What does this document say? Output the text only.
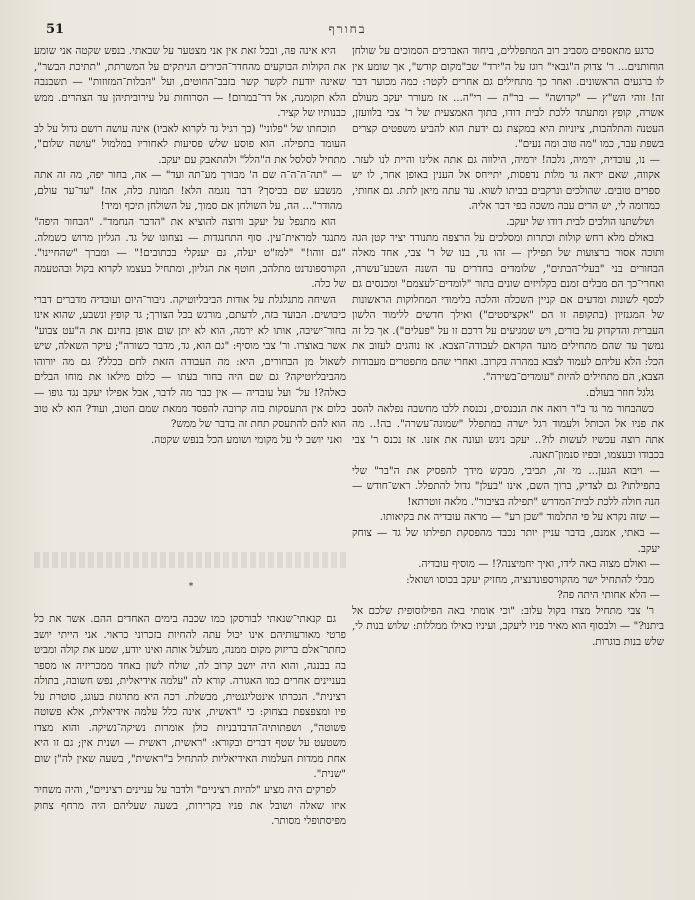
51	בחורף

כרגע מתאספים מסביב רוב המתפללים, ביחוד האברכים הסמוכים על שולחן הוחותנים... ר' צדוק ה"גבאי" רוגז על ה"ירד" שב"מקום קודש", אך שומע אין לו ברגעים הראשונים. ואחר כך מתחילים גם אחרים לקטר: כמה מכוער דבר זה! זוהי הש"ץ — "קדושה" — בר"ה — רי"ה... אז מעורר יעקב מעולם אשרה, קופץ ומתעתד ללכת לבית דודו, בתוך האמצעית של ר' צבי בלוועזן, העטנה והתלהבות, ציוניות היא במקצת גם ידעת הוא להביע משפטים קצרים בשפת עבר, כמו "מה טוב ומה נעים".

— נו, עובדיה, ירמיה, גלכה! ירמיה, הילווה גם אתה אלינו והיית לנו לעזר. אקווה, שאם יראה גד מלות נדפסות, יתייחס אל הענין באופן אחר, לו יש ספרים טובים. שהולכים ונרקבים בביתו לשוא. עד עתה מיאן לתת. גם אחותי, כמדומה לי, יש הרים עבה משכה בפי דבר אליה.

ושלשתנו הולכים לבית דודו של יעקב.

באולם מלא רחש קולות וכתרות ומסלכים על הרצפה מתנודד יציר קטן הגה ותוכה אסור ברצועות של תפילין — זהו גד, בנו של ר' צבי, אחד מאלה הבחורים בני "בעלי־הבתים", שלומדים בחדרים עד השנה השבע־עשרה, ואחרי־כך הם מבלים זמנם בקלויזים שונים בתור "לומדים־לעצמם" ומכנסים גם לכסף לשונות ומדעים אם קניין השכלה והלכה בלימודי המחלוקות הראשונות של המגנזיון (בתקופה זו הם "אקציסטים") ואילך חדשים ללימוד הלשון העברית והדקדוק על בורים, ויש שמגיעים על דרכם זו על "פעלים"). אך כל זה נמשך עד שהם מתחילים מועד הקראם לעבודה־הצבא. אז נוהגים לעזוב את הכל: הלא עליהם לעמוד לצבא במהרה בקרוב. ואחרי שהם מתפטרים מעבודות הצבא, הם מתחילים להיות "עומדים־בשירה".

גלגל חוזר בעולם.

כשהבחור מר גד ב"ר רואה את הנכנסים, נכנסת ללבו מחשבה נפלאה להסב את פניו אל הכותל ולעמוד רגל ישרה כמתפלל "שמונה־עשרה". בה!.. מה אתה רוצה עכשיו לעשות לו?.. יעקב ניגש ועונה את אזנו. אז נכנס ר' צבי בכבודו ובעצמו, ובפיו סנמון־תאנה.

— ויבוא הגען... מי זה, תביבי, מבקש מידך להפסיק את ה"בר" שלי בתפילתו? גם לצדיק, ברוך השם, אינו "בעלן" גדול להתפלל. ראש־חודש — הנה חולה ללכת לבית־המדרש "תפילה בציבור". מלאה זוטרתא!

— שזה נקרא על פי התלמוד "שכן רע" — מראה עובדיה את בקיאותו.

— באתי, אמנם, בדבר עניין יותר נכבד מהפסקת תפילתו של גד — צוחק יעקב.

— ואולם מצוה באה לידו, ואיך יחמיצנה?! — מוסיף עובדיה.

מבלי להתחיל ישר מהקורספונדנציה, מחזיק יעקב בכוסו ושואל:

— הלא אחותי היתה פה?

ר' צבי מתחיל מצדו בקול עלוב: "וכי אומתי באה הפילוסופית שלכם אל ביתנו?" — ולבסוף הוא מאיר פניו ליעקב, ועיניו כאילו ממללות: שלוש בנות לי, שלש בנות בוגרות.

היא אינה פה, ובכל זאת אין אני מצטער על שבאתי. בנפש שקטה אני שומע את הקולות הבוקעים מהחדר־הכירים הניתקים על המשרתת, "תתיכת הבשר", שאינה יודעת לקשר קשר בזבב־החוטים, ועל "הבלות־המזוזות" — תשבנבה הלא תקומנה, אל דר־במרום! — הסרוחות על עירוביתיהן עד הצהרים. ממש כבנותיו של קציר.

תוכחתו של "פלוני" (כך רגיל גד לקרוא לאביו) אינה עושה רושם גדול על לב העומד בתפילה. הוא פוסע שלש פסיעות לאחוריו במלמול "עושה שלום", מתחיל לסלסל את ה"הלל" ולהתאבק עם יעקב.

— "תה־ה־ה־ה שם ה' מבורך מע־תה ועד" — אה, בחור יפה, מה זה אתה מנשבע שם בכיסך? דבר נזגמה הלא! תמונת כלה, אה! "עד־עד עולם, מהודר"... הה, על השולחן אם סמוך, על השולחן תיכף ומיד!

הוא מתנפל על יעקב ורוצה להוציא את "הדבר הנחמד". "הבחור היפה" מתנגד למראית־עין. סוף התחנגדות — נצחונו של גד. הגליון מרוש כשמלה. "גם זוהו!" "למז"ט יעלה, גם יענקלי בכתובים!" — ומברך "שהחיינו". הקורספונדנט מתלהב, חוטף את הגליון, ומתחיל בעצמו לקרוא בקול ובהטעמה של כלה.

השיחה מתגלגלת על אודות הביבליוטיקה. גיבור־היום ועובדיה מדברים דברי כיבושים. הבועד בזה, לדעתם, מורגש בכל הצורך; גד קופץ ונשבע, שהוא אינו בחור־ישיבה, אותו לא ירמה, הוא לא יתן שום אופן בחינם את ה"עט צבוע" אשר באוצרו. ור' צבי מוסיף: "גם הוא, גד, מדבר כשורה"; עיקר השאלה, שיש לשאול מן הבחורים, היא: מה העבודה הזאת לחם בכלל? גם מה יורוהו מהביבליוטיקה? גם שם היה בחור בעתו — כלום מילאו את מוחו הבלים כאלה?! על־ ועל עובדיה — אין כבר מה לדבר, אבל אפילו יעקב נגד גופו — כלום אין התעסקות בזה קרובה להפסד ממאת שמם הטוב, ועוד? הוא לא טוב הוא להם להתעסק תחת זה בדבר של ממש?

ואני יושב לי על מקומי ושומע הכל בנפש שקטה.

*

גם קנאתי־שנאתי לבורסקן כמו שכבה בימים האחדים ההם. אשר את כל פרטי מאורעותיהם אינו יכול עתה להחיות בזכרוני כראוי. אני הייתי יושב כחתר־אלם בריזוק מקום ממנה, מעלעל אותה ואינו יודע, שמע את קולה ומביט בה בבנגה, והוא היה יושב קרוב לה, שולח לשון באחד ממכריזיה או מספר בעניינים אחרים כמו האגורה. קורא לה "עלמה אידיאלית, נפש חשובה, בתולה רצינית". הנכרתו אינטליגנטית, מבשלת. רכה היא מתרגזת בעוגג, סוטרת על פיו ומצפצפת בצחוק: כי "ראשית, אינה כלל עלמה אידיאלית, אלא פשוטה פשוטה", ושפתותיה־הדבדבניות כולן אומרות נשיקה־נשיקה. והוא מצדו משטעט על שטף דברים ובקורא: "ראשית, ראשית — ושנית אין; גם זו היא אחת ממדות העלמות האידיאליות להתחיל ב"ראשית", בשעה שאין לה"ן שום "שנית".

לפרקים היה מציע "להיות רציניים" ולדבר על עניינים רציניים", והיה משחיר איזו שאלה ושובל את פניו בקרירות, בשעה שעליהם היה מרחף צחוק מפיסתופלי מסותר.
